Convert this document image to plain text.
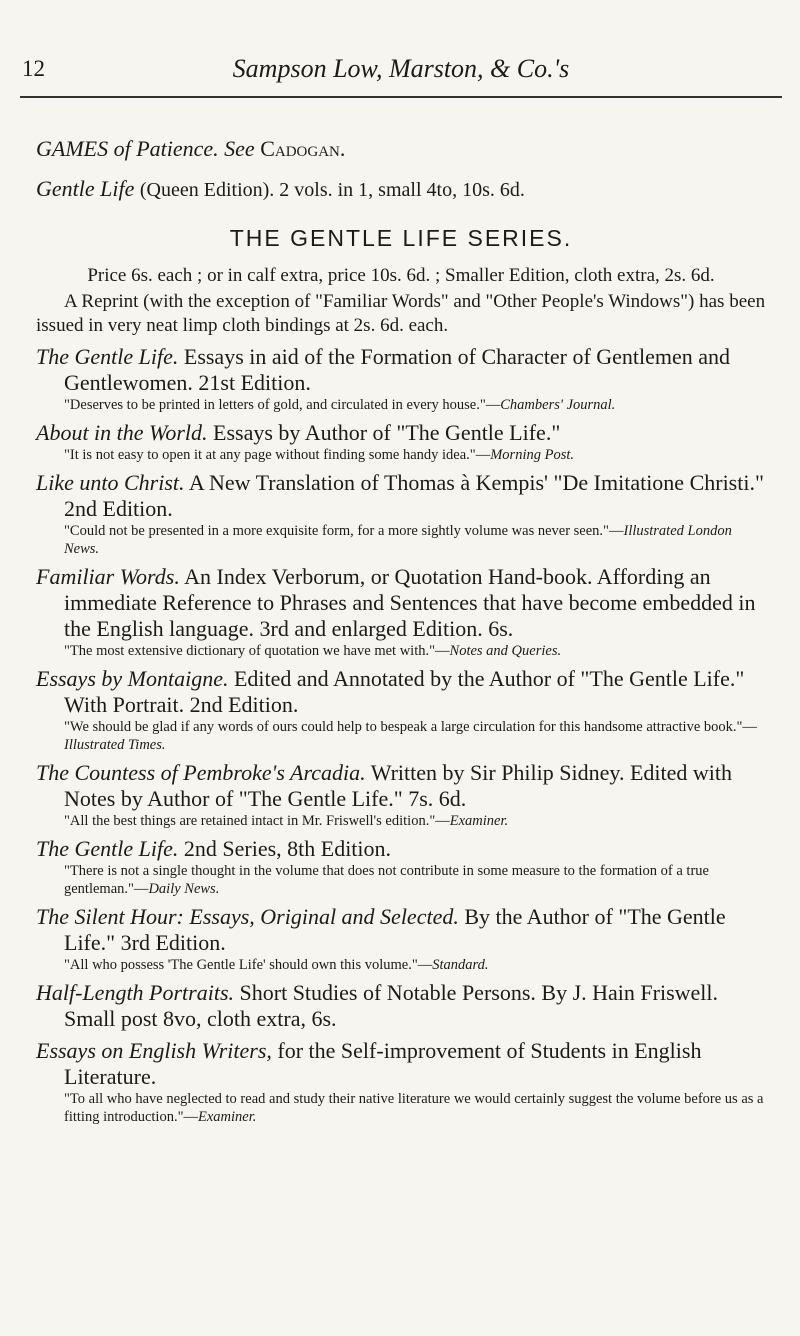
12	Sampson Low, Marston, & Co.'s
GAMES of Patience. See Cadogan.
Gentle Life (Queen Edition). 2 vols. in 1, small 4to, 10s. 6d.
THE GENTLE LIFE SERIES.
Price 6s. each ; or in calf extra, price 10s. 6d. ; Smaller Edition, cloth extra, 2s. 6d.
A Reprint (with the exception of "Familiar Words" and "Other People's Windows") has been issued in very neat limp cloth bindings at 2s. 6d. each.
The Gentle Life. Essays in aid of the Formation of Character of Gentlemen and Gentlewomen. 21st Edition.
"Deserves to be printed in letters of gold, and circulated in every house."—Chambers' Journal.
About in the World. Essays by Author of "The Gentle Life."
"It is not easy to open it at any page without finding some handy idea."—Morning Post.
Like unto Christ. A New Translation of Thomas à Kempis' "De Imitatione Christi." 2nd Edition.
"Could not be presented in a more exquisite form, for a more sightly volume was never seen."—Illustrated London News.
Familiar Words. An Index Verborum, or Quotation Hand-book. Affording an immediate Reference to Phrases and Sentences that have become embedded in the English language. 3rd and enlarged Edition. 6s.
"The most extensive dictionary of quotation we have met with."—Notes and Queries.
Essays by Montaigne. Edited and Annotated by the Author of "The Gentle Life." With Portrait. 2nd Edition.
"We should be glad if any words of ours could help to bespeak a large circulation for this handsome attractive book."—Illustrated Times.
The Countess of Pembroke's Arcadia. Written by Sir Philip Sidney. Edited with Notes by Author of "The Gentle Life." 7s. 6d.
"All the best things are retained intact in Mr. Friswell's edition."—Examiner.
The Gentle Life. 2nd Series, 8th Edition.
"There is not a single thought in the volume that does not contribute in some measure to the formation of a true gentleman."—Daily News.
The Silent Hour: Essays, Original and Selected. By the Author of "The Gentle Life." 3rd Edition.
"All who possess 'The Gentle Life' should own this volume."—Standard.
Half-Length Portraits. Short Studies of Notable Persons. By J. Hain Friswell. Small post 8vo, cloth extra, 6s.
Essays on English Writers, for the Self-improvement of Students in English Literature.
"To all who have neglected to read and study their native literature we would certainly suggest the volume before us as a fitting introduction."—Examiner.
